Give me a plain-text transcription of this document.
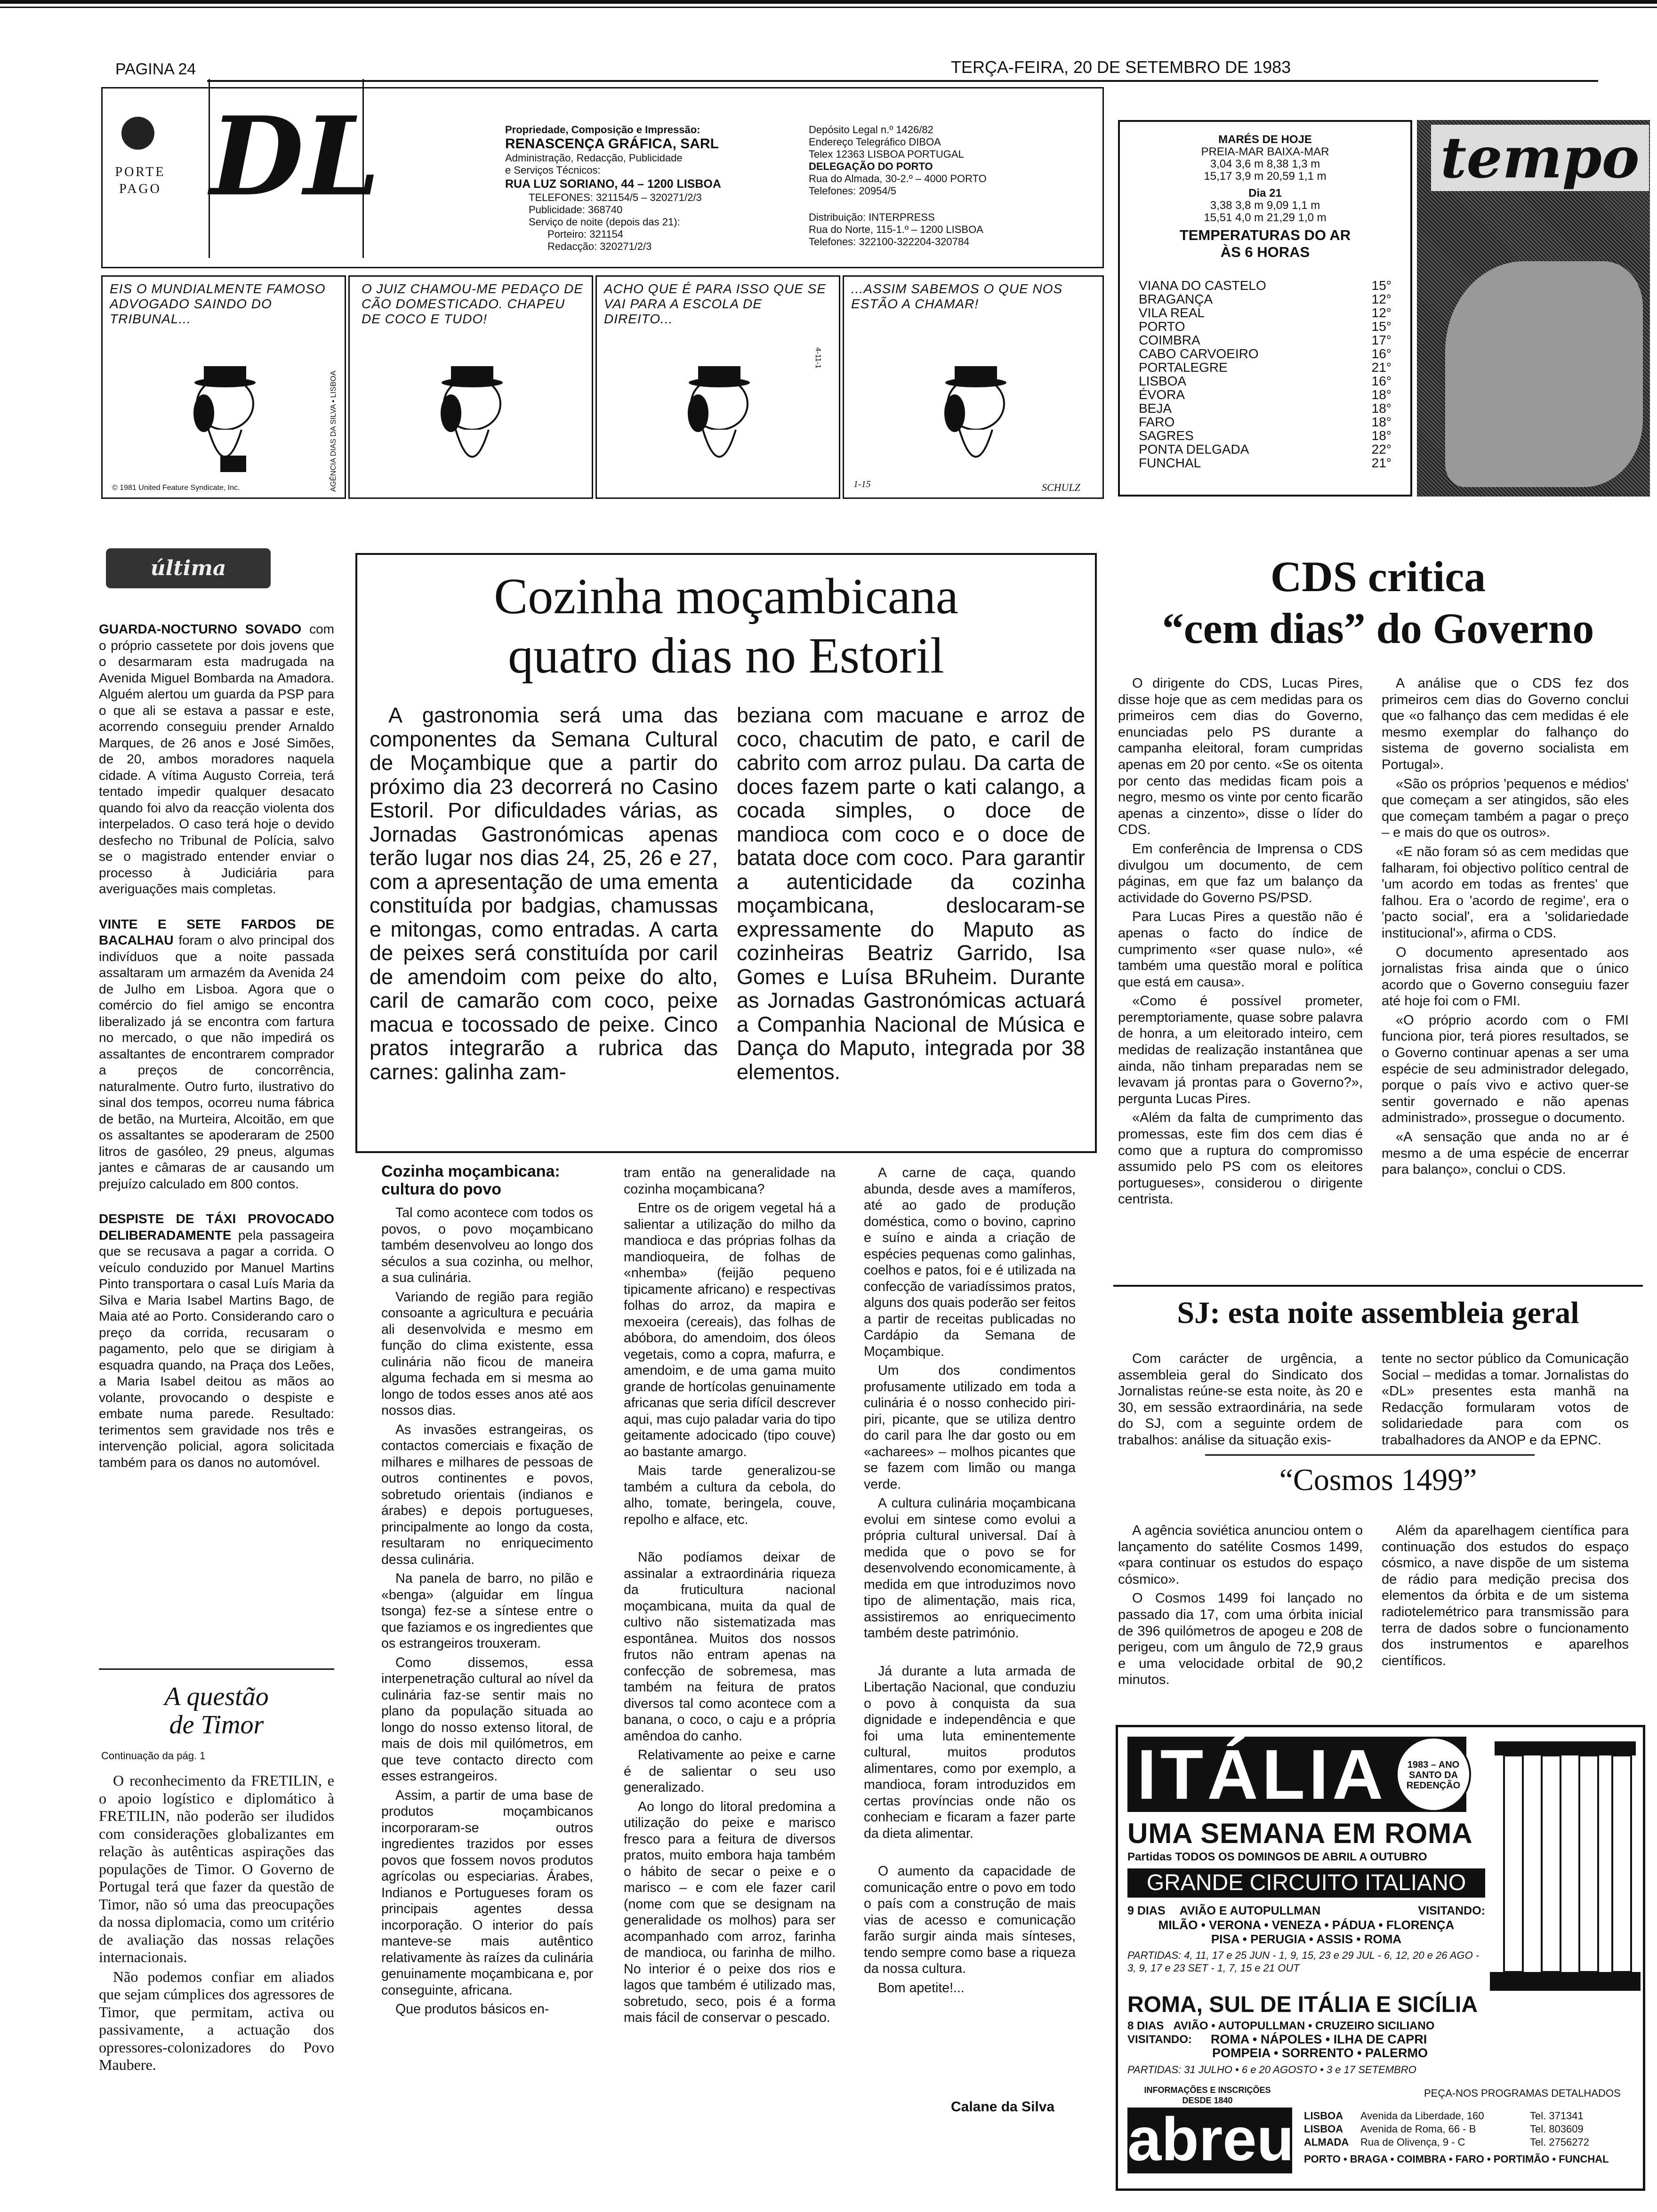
PAGINA 24	TERÇA-FEIRA, 20 DE SETEMBRO DE 1983
PORTE
PAGO DL	Propriedade, Composição e Impressão:
RENASCENÇA GRÁFICA, SARL
Administração, Redacção, Publicidade
e Serviços Técnicos:
RUA LUZ SORIANO, 44 – 1200 LISBOA
TELEFONES: 321154/5 – 320271/2/3
Publicidade: 368740
Serviço de noite (depois das 21):
Porteiro: 321154
Redacção: 320271/2/3
Depósito Legal n.º 1426/82
Endereço Telegráfico DIBOA
Telex 12363 LISBOA PORTUGAL
DELEGAÇÃO DO PORTO
Rua do Almada, 30-2.º – 4000 PORTO
Telefones: 20954/5
Distribuição: INTERPRESS
Rua do Norte, 115-1.º – 1200 LISBOA
Telefones: 322100-322204-320784
EIS O MUNDIALMENTE FAMOSO ADVOGADO SAINDO DO TRIBUNAL...
© 1981 United Feature Syndicate, Inc.	AGÊNCIA DIAS DA SILVA • LISBOA
O JUIZ CHAMOU-ME PEDAÇO DE CÃO DOMESTICADO. CHAPEU DE COCO E TUDO!
ACHO QUE É PARA ISSO QUE SE VAI PARA A ESCOLA DE DIREITO...
4-11-1
...ASSIM SABEMOS O QUE NOS ESTÃO A CHAMAR!
1-15	SCHULZ
MARÉS DE HOJE
PREIA-MAR BAIXA-MAR
3,04 3,6 m 8,38 1,3 m
15,17 3,9 m 20,59 1,1 m
Dia 21
3,38 3,8 m 9,09 1,1 m
15,51 4,0 m 21,29 1,0 m
TEMPERATURAS DO AR
ÀS 6 HORAS
VIANA DO CASTELO	15°
BRAGANÇA	12°
VILA REAL	12°
PORTO	15°
COIMBRA	17°
CABO CARVOEIRO	16°
PORTALEGRE	21°
LISBOA	16°
ÉVORA	18°
BEJA	18°
FARO	18°
SAGRES	18°
PONTA DELGADA	22°
FUNCHAL	21°
tempo
última

GUARDA-NOCTURNO SOVADO com o próprio cassetete por dois jovens que o desarmaram esta madrugada na Avenida Miguel Bombarda na Amadora. Alguém alertou um guarda da PSP para o que ali se estava a passar e este, acorrendo conseguiu prender Arnaldo Marques, de 26 anos e José Simões, de 20, ambos moradores naquela cidade. A vítima Augusto Correia, terá tentado impedir qualquer desacato quando foi alvo da reacção violenta dos interpelados. O caso terá hoje o devido desfecho no Tribunal de Polícia, salvo se o magistrado entender enviar o processo à Judiciária para averiguações mais completas.

VINTE E SETE FARDOS DE BACALHAU foram o alvo principal dos indivíduos que a noite passada assaltaram um armazém da Avenida 24 de Julho em Lisboa. Agora que o comércio do fiel amigo se encontra liberalizado já se encontra com fartura no mercado, o que não impedirá os assaltantes de encontrarem comprador a preços de concorrência, naturalmente. Outro furto, ilustrativo do sinal dos tempos, ocorreu numa fábrica de betão, na Murteira, Alcoitão, em que os assaltantes se apoderaram de 2500 litros de gasóleo, 29 pneus, algumas jantes e câmaras de ar causando um prejuízo calculado em 800 contos.

DESPISTE DE TÁXI PROVOCADO DELIBERADAMENTE pela passageira que se recusava a pagar a corrida. O veículo conduzido por Manuel Martins Pinto transportara o casal Luís Maria da Silva e Maria Isabel Martins Bago, de Maia até ao Porto. Considerando caro o preço da corrida, recusaram o pagamento, pelo que se dirigiam à esquadra quando, na Praça dos Leões, a Maria Isabel deitou as mãos ao volante, provocando o despiste e embate numa parede. Resultado: terimentos sem gravidade nos três e intervenção policial, agora solicitada também para os danos no automóvel.

A questão
de Timor
Continuação da pág. 1

O reconhecimento da FRETILIN, e o apoio logístico e diplomático à FRETILIN, não poderão ser iludidos com considerações globalizantes em relação às autênticas aspirações das populações de Timor. O Governo de Portugal terá que fazer da questão de Timor, não só uma das preocupações da nossa diplomacia, como um critério de avaliação das nossas relações internacionais.

Não podemos confiar em aliados que sejam cúmplices dos agressores de Timor, que permitam, activa ou passivamente, a actuação dos opressores-colonizadores do Povo Maubere.

Cozinha moçambicana
quatro dias no Estoril
A gastronomia será uma das componentes da Semana Cultural de Moçambique que a partir do próximo dia 23 decorrerá no Casino Estoril. Por dificuldades várias, as Jornadas Gastronómicas apenas terão lugar nos dias 24, 25, 26 e 27, com a apresentação de uma ementa constituída por badgias, chamussas e mitongas, como entradas. A carta de peixes será constituída por caril de amendoim com peixe do alto, caril de camarão com coco, peixe macua e tocossado de peixe. Cinco pratos integrarão a rubrica das carnes: galinha zam-
beziana com macuane e arroz de coco, chacutim de pato, e caril de cabrito com arroz pulau. Da carta de doces fazem parte o kati calango, a cocada simples, o doce de mandioca com coco e o doce de batata doce com coco. Para garantir a autenticidade da cozinha moçambicana, deslocaram-se expressamente do Maputo as cozinheiras Beatriz Garrido, Isa Gomes e Luísa BRuheim. Durante as Jornadas Gastronómicas actuará a Companhia Nacional de Música e Dança do Maputo, integrada por 38 elementos.
Cozinha moçambicana: cultura do povo

Tal como acontece com todos os povos, o povo moçambicano também desenvolveu ao longo dos séculos a sua cozinha, ou melhor, a sua culinária.

Variando de região para região consoante a agricultura e pecuária ali desenvolvida e mesmo em função do clima existente, essa culinária não ficou de maneira alguma fechada em si mesma ao longo de todos esses anos até aos nossos dias.

As invasões estrangeiras, os contactos comerciais e fixação de milhares e milhares de pessoas de outros continentes e povos, sobretudo orientais (indianos e árabes) e depois portugueses, principalmente ao longo da costa, resultaram no enriquecimento dessa culinária.

Na panela de barro, no pilão e «benga» (alguidar em língua tsonga) fez-se a síntese entre o que faziamos e os ingredientes que os estrangeiros trouxeram.

Como dissemos, essa interpenetração cultural ao nível da culinária faz-se sentir mais no plano da população situada ao longo do nosso extenso litoral, de mais de dois mil quilómetros, em que teve contacto directo com esses estrangeiros.

Assim, a partir de uma base de produtos moçambicanos incorporaram-se outros ingredientes trazidos por esses povos que fossem novos produtos agrícolas ou especiarias. Árabes, Indianos e Portugueses foram os principais agentes dessa incorporação. O interior do país manteve-se mais autêntico relativamente às raízes da culinária genuinamente moçambicana e, por conseguinte, africana.

Que produtos básicos en-

tram então na generalidade na cozinha moçambicana?

Entre os de origem vegetal há a salientar a utilização do milho da mandioca e das próprias folhas da mandioqueira, de folhas de «nhemba» (feijão pequeno tipicamente africano) e respectivas folhas do arroz, da mapira e mexoeira (cereais), das folhas de abóbora, do amendoim, dos óleos vegetais, como a copra, mafurra, e amendoim, e de uma gama muito grande de hortícolas genuinamente africanas que seria difícil descrever aqui, mas cujo paladar varia do tipo geitamente adocicado (tipo couve) ao bastante amargo.

Mais tarde generalizou-se também a cultura da cebola, do alho, tomate, beringela, couve, repolho e alface, etc.

Não podíamos deixar de assinalar a extraordinária riqueza da fruticultura nacional moçambicana, muita da qual de cultivo não sistematizada mas espontânea. Muitos dos nossos frutos não entram apenas na confecção de sobremesa, mas também na feitura de pratos diversos tal como acontece com a banana, o coco, o caju e a própria amêndoa do canho.

Relativamente ao peixe e carne é de salientar o seu uso generalizado.

Ao longo do litoral predomina a utilização do peixe e marisco fresco para a feitura de diversos pratos, muito embora haja também o hábito de secar o peixe e o marisco – e com ele fazer caril (nome com que se designam na generalidade os molhos) para ser acompanhado com arroz, farinha de mandioca, ou farinha de milho. No interior é o peixe dos rios e lagos que também é utilizado mas, sobretudo, seco, pois é a forma mais fácil de conservar o pescado.

A carne de caça, quando abunda, desde aves a mamíferos, até ao gado de produção doméstica, como o bovino, caprino e suíno e ainda a criação de espécies pequenas como galinhas, coelhos e patos, foi e é utilizada na confecção de variadíssimos pratos, alguns dos quais poderão ser feitos a partir de receitas publicadas no Cardápio da Semana de Moçambique.

Um dos condimentos profusamente utilizado em toda a culinária é o nosso conhecido piri-piri, picante, que se utiliza dentro do caril para lhe dar gosto ou em «acharees» – molhos picantes que se fazem com limão ou manga verde.

A cultura culinária moçambicana evolui em sintese como evolui a própria cultural universal. Daí à medida que o povo se for desenvolvendo economicamente, à medida em que introduzimos novo tipo de alimentação, mais rica, assistiremos ao enriquecimento também deste património.

Já durante a luta armada de Libertação Nacional, que conduziu o povo à conquista da sua dignidade e independência e que foi uma luta eminentemente cultural, muitos produtos alimentares, como por exemplo, a mandioca, foram introduzidos em certas províncias onde não os conheciam e ficaram a fazer parte da dieta alimentar.

O aumento da capacidade de comunicação entre o povo em todo o país com a construção de mais vias de acesso e comunicação farão surgir ainda mais sínteses, tendo sempre como base a riqueza da nossa cultura.

Bom apetite!...

Calane da Silva
CDS critica
“cem dias” do Governo

O dirigente do CDS, Lucas Pires, disse hoje que as cem medidas para os primeiros cem dias do Governo, enunciadas pelo PS durante a campanha eleitoral, foram cumpridas apenas em 20 por cento. «Se os oitenta por cento das medidas ficam pois a negro, mesmo os vinte por cento ficarão apenas a cinzento», disse o líder do CDS.

Em conferência de Imprensa o CDS divulgou um documento, de cem páginas, em que faz um balanço da actividade do Governo PS/PSD.

Para Lucas Pires a questão não é apenas o facto do índice de cumprimento «ser quase nulo», «é também uma questão moral e política que está em causa».

«Como é possível prometer, peremptoriamente, quase sobre palavra de honra, a um eleitorado inteiro, cem medidas de realização instantânea que ainda, não tinham preparadas nem se levavam já prontas para o Governo?», pergunta Lucas Pires.

«Além da falta de cumprimento das promessas, este fim dos cem dias é como que a ruptura do compromisso assumido pelo PS com os eleitores portugueses», considerou o dirigente centrista.

A análise que o CDS fez dos primeiros cem dias do Governo conclui que «o falhanço das cem medidas é ele mesmo exemplar do falhanço do sistema de governo socialista em Portugal».

«São os próprios 'pequenos e médios' que começam a ser atingidos, são eles que começam também a pagar o preço – e mais do que os outros».

«E não foram só as cem medidas que falharam, foi objectivo político central de 'um acordo em todas as frentes' que falhou. Era o 'acordo de regime', era o 'pacto social', era a 'solidariedade institucional'», afirma o CDS.

O documento apresentado aos jornalistas frisa ainda que o único acordo que o Governo conseguiu fazer até hoje foi com o FMI.

«O próprio acordo com o FMI funciona pior, terá piores resultados, se o Governo continuar apenas a ser uma espécie de seu administrador delegado, porque o país vivo e activo quer-se sentir governado e não apenas administrado», prossegue o documento.

«A sensação que anda no ar é mesmo a de uma espécie de encerrar para balanço», conclui o CDS.

SJ: esta noite assembleia geral

Com carácter de urgência, a assembleia geral do Sindicato dos Jornalistas reúne-se esta noite, às 20 e 30, em sessão extraordinária, na sede do SJ, com a seguinte ordem de trabalhos: análise da situação exis-

tente no sector público da Comunicação Social – medidas a tomar. Jornalistas do «DL» presentes esta manhã na Redacção formularam votos de solidariedade para com os trabalhadores da ANOP e da EPNC.

“Cosmos 1499”

A agência soviética anunciou ontem o lançamento do satélite Cosmos 1499, «para continuar os estudos do espaço cósmico».

O Cosmos 1499 foi lançado no passado dia 17, com uma órbita inicial de 396 quilómetros de apogeu e 208 de perigeu, com um ângulo de 72,9 graus e uma velocidade orbital de 90,2 minutos.

Além da aparelhagem científica para continuação dos estudos do espaço cósmico, a nave dispõe de um sistema de rádio para medição precisa dos elementos da órbita e de um sistema radiotelemétrico para transmissão para terra de dados sobre o funcionamento dos instrumentos e aparelhos científicos.

ITÁLIA	1983 – ANO
SANTO DA
REDENÇÃO
UMA SEMANA EM ROMA
Partidas TODOS OS DOMINGOS DE ABRIL A OUTUBRO
GRANDE CIRCUITO ITALIANO
9 DIAS AVIÃO E AUTOPULLMAN	VISITANDO:
MILÃO • VERONA • VENEZA • PÁDUA • FLORENÇA
PISA • PERUGIA • ASSIS • ROMA
PARTIDAS: 4, 11, 17 e 25 JUN - 1, 9, 15, 23 e 29 JUL - 6, 12, 20 e 26 AGO - 3, 9, 17 e 23 SET - 1, 7, 15 e 21 OUT
ROMA, SUL DE ITÁLIA E SICÍLIA
8 DIAS AVIÃO • AUTOPULLMAN • CRUZEIRO SICILIANO
VISITANDO: ROMA • NÁPOLES • ILHA DE CAPRI
POMPEIA • SORRENTO • PALERMO
PARTIDAS: 31 JULHO • 6 e 20 AGOSTO • 3 e 17 SETEMBRO
INFORMAÇÕES E INSCRIÇÕES
DESDE 1840
PEÇA-NOS PROGRAMAS DETALHADOS
abreu LISBOA	Avenida da Liberdade, 160	Tel. 371341
LISBOA	Avenida de Roma, 66 - B	Tel. 803609
ALMADA	Rua de Olivença, 9 - C	Tel. 2756272
PORTO • BRAGA • COIMBRA • FARO • PORTIMÃO • FUNCHAL
